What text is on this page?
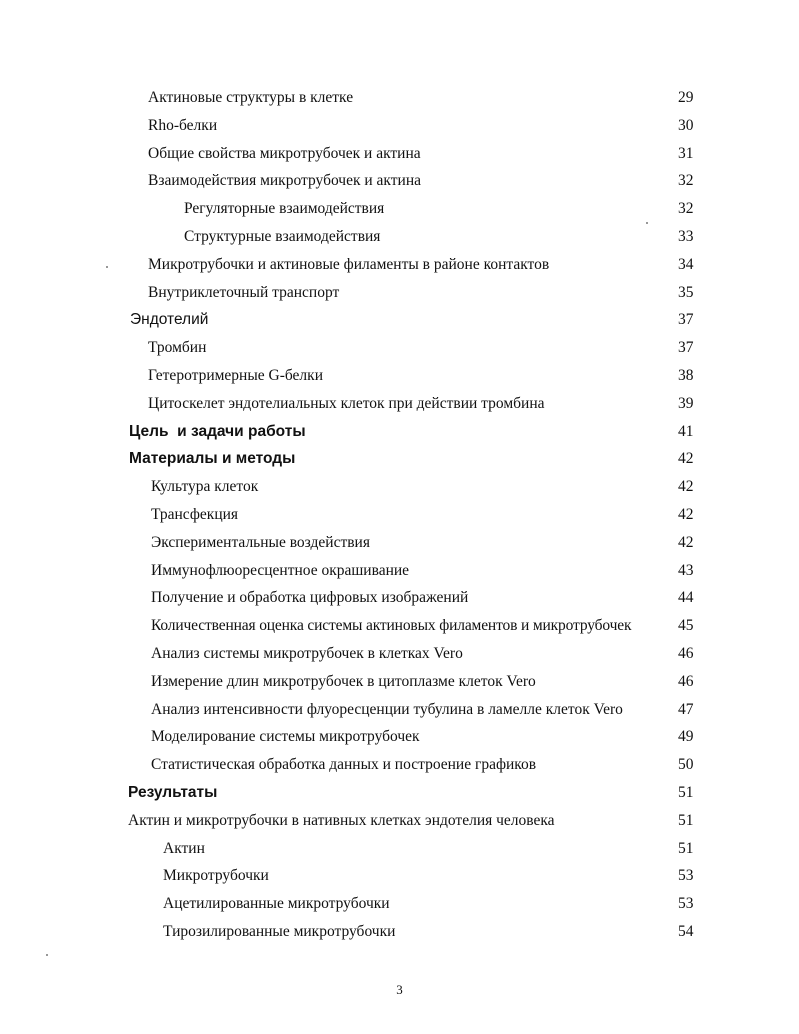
Актиновые структуры в клетке	29
Rho-белки	30
Общие свойства микротрубочек и актина	31
Взаимодействия микротрубочек и актина	32
Регуляторные взаимодействия	32
Структурные взаимодействия	33
Микротрубочки и актиновые филаменты в районе контактов	34
Внутриклеточный транспорт	35
Эндотелий	37
Тромбин	37
Гетеротримерные G-белки	38
Цитоскелет эндотелиальных клеток при действии тромбина	39
Цель  и задачи работы	41
Материалы и методы	42
Культура клеток	42
Трансфекция	42
Экспериментальные воздействия	42
Иммунофлюоресцентное окрашивание	43
Получение и обработка цифровых изображений	44
Количественная оценка системы актиновых филаментов и микротрубочек	45
Анализ системы микротрубочек в клетках Vero	46
Измерение длин микротрубочек в цитоплазме клеток Vero	46
Анализ интенсивности флуоресценции тубулина в ламелле клеток Vero	47
Моделирование системы микротрубочек	49
Статистическая обработка данных и построение графиков	50
Результаты	51
Актин и микротрубочки в нативных клетках эндотелия человека	51
Актин	51
Микротрубочки	53
Ацетилированные микротрубочки	53
Тирозилированные микротрубочки	54
3
